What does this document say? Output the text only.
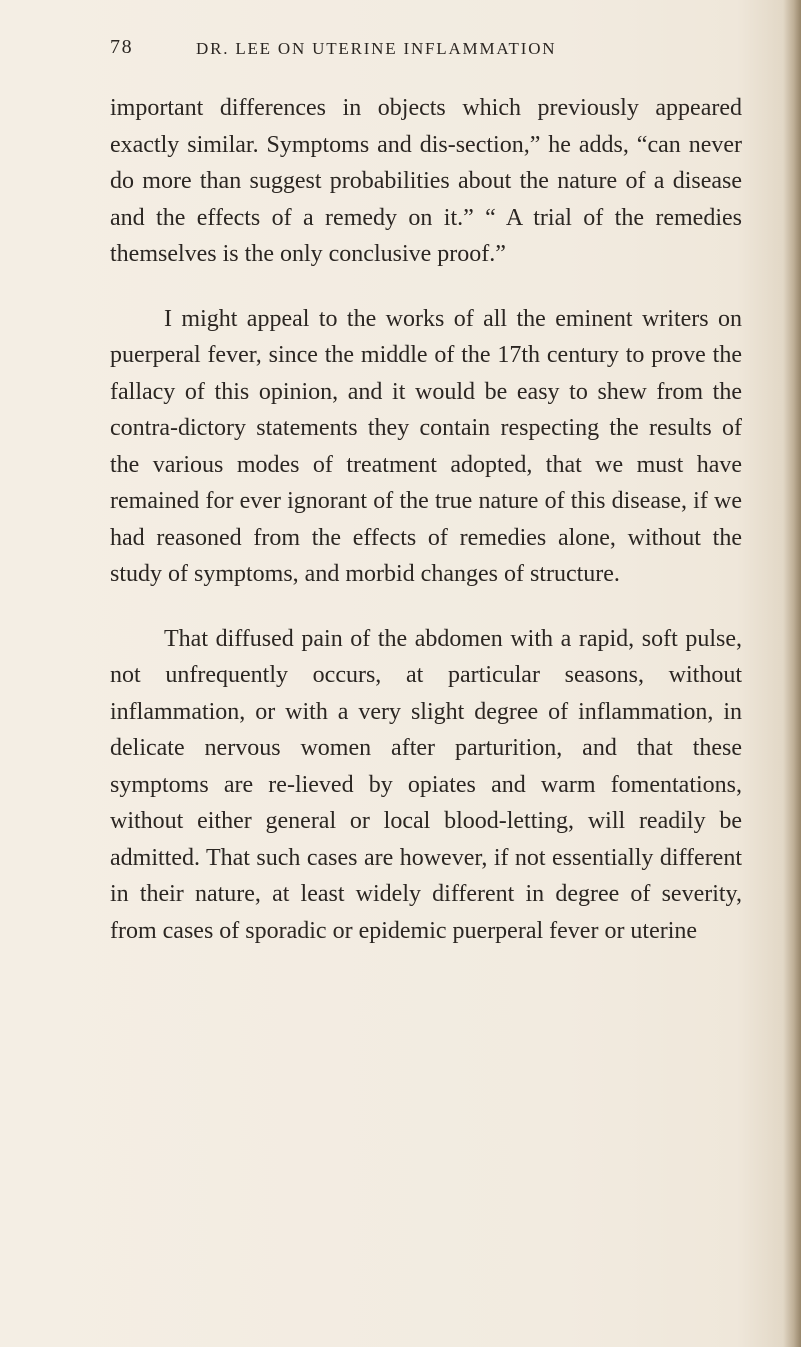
78	DR. LEE ON UTERINE INFLAMMATION

important differences in objects which previously appeared exactly similar. Symptoms and dis-section,” he adds, “can never do more than suggest probabilities about the nature of a disease and the effects of a remedy on it.” “ A trial of the remedies themselves is the only conclusive proof.”

I might appeal to the works of all the eminent writers on puerperal fever, since the middle of the 17th century to prove the fallacy of this opinion, and it would be easy to shew from the contra-dictory statements they contain respecting the results of the various modes of treatment adopted, that we must have remained for ever ignorant of the true nature of this disease, if we had reasoned from the effects of remedies alone, without the study of symptoms, and morbid changes of structure.

That diffused pain of the abdomen with a rapid, soft pulse, not unfrequently occurs, at particular seasons, without inflammation, or with a very slight degree of inflammation, in delicate nervous women after parturition, and that these symptoms are re-lieved by opiates and warm fomentations, without either general or local blood-letting, will readily be admitted. That such cases are however, if not essentially different in their nature, at least widely different in degree of severity, from cases of sporadic or epidemic puerperal fever or uterine
